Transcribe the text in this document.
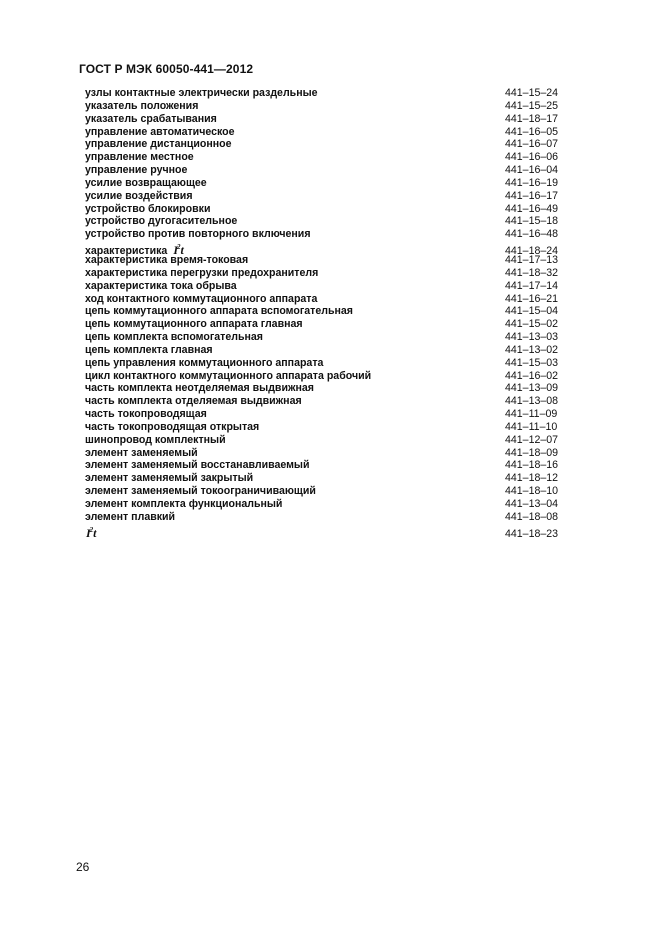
ГОСТ Р МЭК 60050-441—2012
узлы контактные электрически раздельные	441–15–24
указатель положения	441–15–25
указатель срабатывания	441–18–17
управление автоматическое	441–16–05
управление дистанционное	441–16–07
управление местное	441–16–06
управление ручное	441–16–04
усилие возвращающее	441–16–19
усилие воздействия	441–16–17
устройство блокировки	441–16–49
устройство дугогасительное	441–15–18
устройство против повторного включения	441–16–48
характеристика $I^2t$	441–18–24
характеристика время-токовая	441–17–13
характеристика перегрузки предохранителя	441–18–32
характеристика тока обрыва	441–17–14
ход контактного коммутационного аппарата	441–16–21
цепь коммутационного аппарата вспомогательная	441–15–04
цепь коммутационного аппарата главная	441–15–02
цепь комплекта вспомогательная	441–13–03
цепь комплекта главная	441–13–02
цепь управления коммутационного аппарата	441–15–03
цикл контактного коммутационного аппарата рабочий	441–16–02
часть комплекта неотделяемая выдвижная	441–13–09
часть комплекта отделяемая выдвижная	441–13–08
часть токопроводящая	441–11–09
часть токопроводящая открытая	441–11–10
шинопровод комплектный	441–12–07
элемент заменяемый	441–18–09
элемент заменяемый восстанавливаемый	441–18–16
элемент заменяемый закрытый	441–18–12
элемент заменяемый токоограничивающий	441–18–10
элемент комплекта функциональный	441–13–04
элемент плавкий	441–18–08
$I^2t$	441–18–23
26
